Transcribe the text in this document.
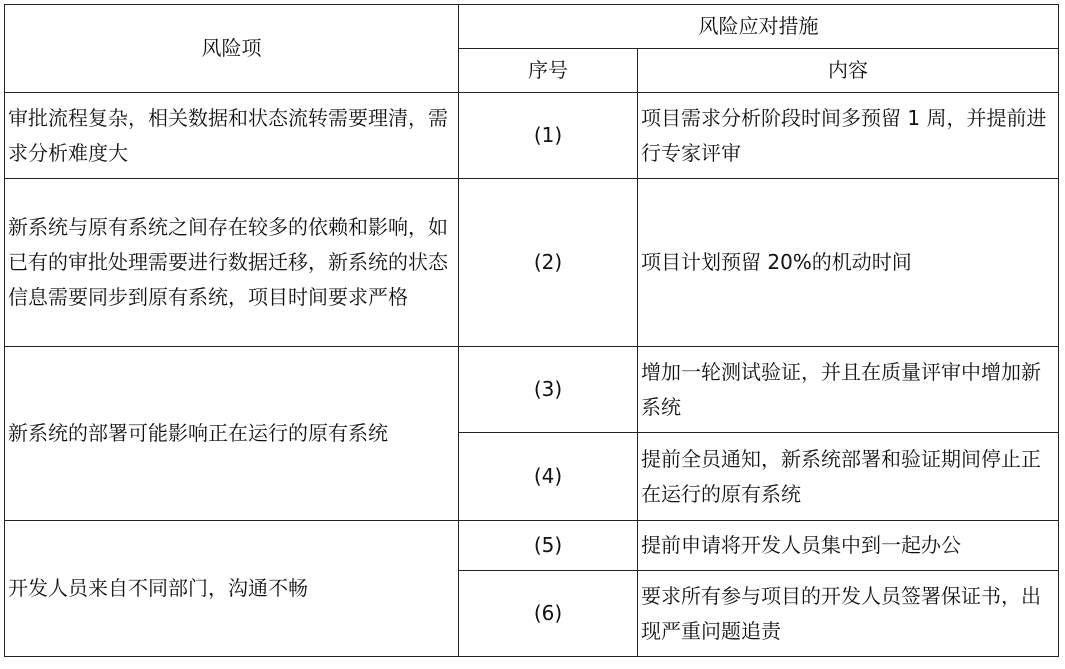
风险项	风险应对措施	
	序号	内容
审批流程复杂，相关数据和状态流转需要理清，需求分析难度大	(1)	项目需求分析阶段时间多预留 1 周，并提前进行专家评审
新系统与原有系统之间存在较多的依赖和影响，如已有的审批处理需要进行数据迁移，新系统的状态信息需要同步到原有系统，项目时间要求严格	(2)	项目计划预留 20%的机动时间
新系统的部署可能影响正在运行的原有系统	(3)	增加一轮测试验证，并且在质量评审中增加新系统
	(4)	提前全员通知，新系统部署和验证期间停止正在运行的原有系统
开发人员来自不同部门，沟通不畅	(5)	提前申请将开发人员集中到一起办公
	(6)	要求所有参与项目的开发人员签署保证书，出现严重问题追责
